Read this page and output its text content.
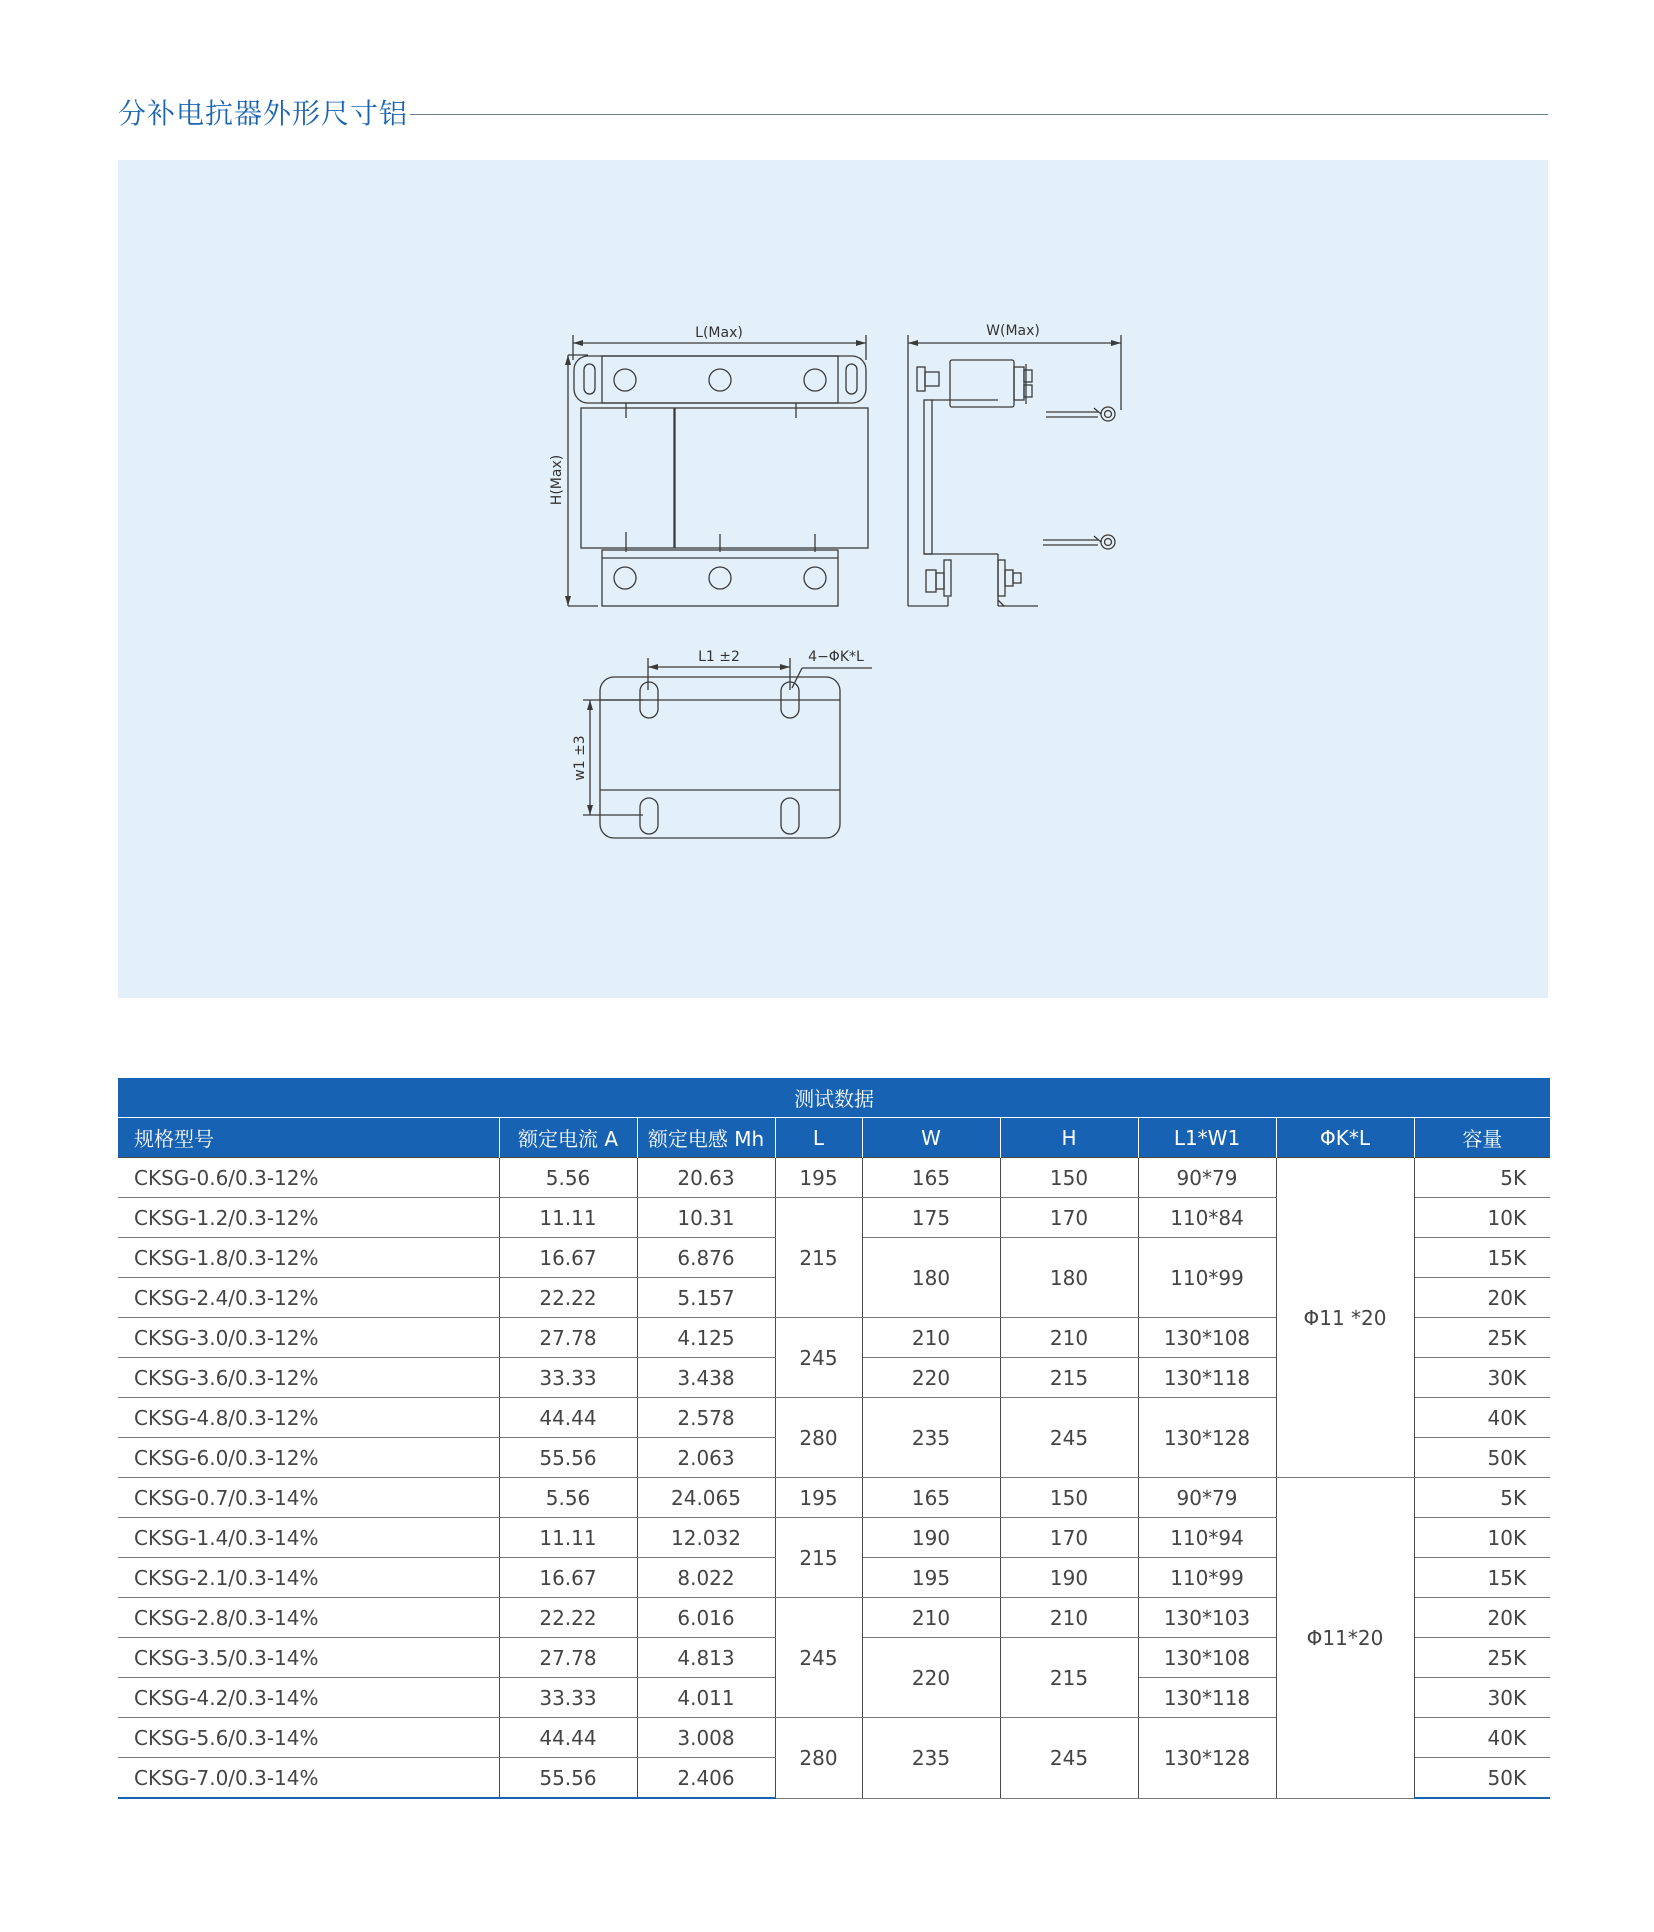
分补电抗器外形尺寸铝
L(Max)
H(Max)
W(Max)
L1 ±2	4−ΦK*L
w1 ±3
测试数据								
规格型号	额定电流 A	额定电感 Mh	L	W	H	L1*W1	ΦK*L	容量
CKSG-0.6/0.3-12%	5.56	20.63	195	165	150	90*79	Φ11 *20	5K
CKSG-1.2/0.3-12%	11.11	10.31	215	175	170	110*84		10K
CKSG-1.8/0.3-12%	16.67	6.876		180	180	110*99		15K
CKSG-2.4/0.3-12%	22.22	5.157						20K
CKSG-3.0/0.3-12%	27.78	4.125	245	210	210	130*108		25K
CKSG-3.6/0.3-12%	33.33	3.438		220	215	130*118		30K
CKSG-4.8/0.3-12%	44.44	2.578	280	235	245	130*128		40K
CKSG-6.0/0.3-12%	55.56	2.063						50K
CKSG-0.7/0.3-14%	5.56	24.065	195	165	150	90*79	Φ11*20	5K
CKSG-1.4/0.3-14%	11.11	12.032	215	190	170	110*94		10K
CKSG-2.1/0.3-14%	16.67	8.022		195	190	110*99		15K
CKSG-2.8/0.3-14%	22.22	6.016	245	210	210	130*103		20K
CKSG-3.5/0.3-14%	27.78	4.813		220	215	130*108		25K
CKSG-4.2/0.3-14%	33.33	4.011				130*118		30K
CKSG-5.6/0.3-14%	44.44	3.008	280	235	245	130*128		40K
CKSG-7.0/0.3-14%	55.56	2.406						50K
